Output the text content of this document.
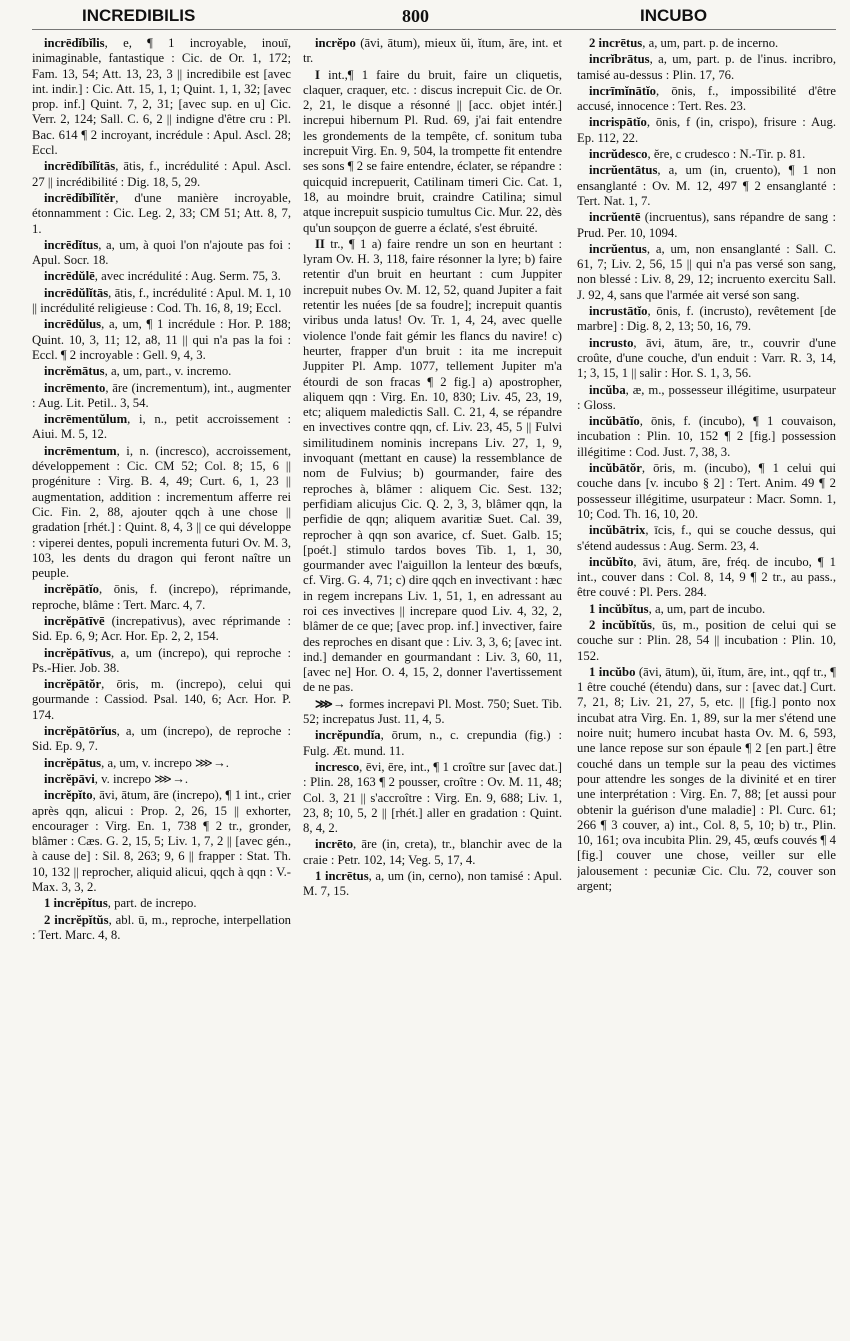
INCREDIBILIS	800	INCUBO

incrēdĭbĭlis, e, ¶ 1 incroyable, inouï, inimaginable, fantastique : Cic. de Or. 1, 172; Fam. 13, 54; Att. 13, 23, 3 || incredibile est [avec int. indir.] : Cic. Att. 15, 1, 1; Quint. 1, 1, 32; [avec prop. inf.] Quint. 7, 2, 31; [avec sup. en u] Cic. Verr. 2, 124; Sall. C. 6, 2 || indigne d'être cru : Pl. Bac. 614 ¶ 2 incroyant, incrédule : Apul. Ascl. 28; Eccl.

incrēdĭbĭlĭtās, ātis, f., incrédulité : Apul. Ascl. 27 || incrédibilité : Dig. 18, 5, 29.

incrēdĭbĭlĭtĕr, d'une manière incroyable, étonnamment : Cic. Leg. 2, 33; CM 51; Att. 8, 7, 1.

incrēdĭtus, a, um, à quoi l'on n'ajoute pas foi : Apul. Socr. 18.

incrēdŭlē, avec incrédulité : Aug. Serm. 75, 3.

incrēdŭlĭtās, ātis, f., incrédulité : Apul. M. 1, 10 || incrédulité religieuse : Cod. Th. 16, 8, 19; Eccl.

incrēdŭlus, a, um, ¶ 1 incrédule : Hor. P. 188; Quint. 10, 3, 11; 12, a8, 11 || qui n'a pas la foi : Eccl. ¶ 2 incroyable : Gell. 9, 4, 3.

incrĕmātus, a, um, part., v. incremo.

incrēmento, āre (incrementum), int., augmenter : Aug. Lit. Petil.. 3, 54.

incrēmentŭlum, i, n., petit accroissement : Aiui. M. 5, 12.

incrēmentum, i, n. (incresco), accroissement, développement : Cic. CM 52; Col. 8; 15, 6 || progéniture : Virg. B. 4, 49; Curt. 6, 1, 23 || augmentation, addition : incrementum afferre rei Cic. Fin. 2, 88, ajouter qqch à une chose || gradation [rhét.] : Quint. 8, 4, 3 || ce qui développe : viperei dentes, populi incrementa futuri Ov. M. 3, 103, les dents du dragon qui feront naître un peuple.

incrĕpātĭo, ōnis, f. (increpo), réprimande, reproche, blâme : Tert. Marc. 4, 7.

incrĕpātīvē (increpativus), avec réprimande : Sid. Ep. 6, 9; Acr. Hor. Ep. 2, 2, 154.

incrĕpātīvus, a, um (increpo), qui reproche : Ps.-Hier. Job. 38.

incrĕpātŏr, ōris, m. (increpo), celui qui gourmande : Cassiod. Psal. 140, 6; Acr. Hor. P. 174.

incrĕpātōrĭus, a, um (increpo), de reproche : Sid. Ep. 9, 7.

incrĕpātus, a, um, v. increpo ⋙→.

incrĕpāvi, v. increpo ⋙→.

incrĕpĭto, āvi, ātum, āre (increpo), ¶ 1 int., crier après qqn, alicui : Prop. 2, 26, 15 || exhorter, encourager : Virg. En. 1, 738 ¶ 2 tr., gronder, blâmer : Cæs. G. 2, 15, 5; Liv. 1, 7, 2 || [avec gén., à cause de] : Sil. 8, 263; 9, 6 || frapper : Stat. Th. 10, 132 || reprocher, aliquid alicui, qqch à qqn : V.-Max. 3, 3, 2.

1 incrĕpĭtus, part. de increpo.

2 incrĕpĭtŭs, abl. ū, m., reproche, interpellation : Tert. Marc. 4, 8.

incrĕpo (āvi, ātum), mieux ŭi, ĭtum, āre, int. et tr.

I int.,¶ 1 faire du bruit, faire un cliquetis, claquer, craquer, etc. : discus increpuit Cic. de Or. 2, 21, le disque a résonné || [acc. objet intér.] increpui hibernum Pl. Rud. 69, j'ai fait entendre les grondements de la tempête, cf. sonitum tuba increpuit Virg. En. 9, 504, la trompette fit entendre ses sons ¶ 2 se faire entendre, éclater, se répandre : quicquid increpuerit, Catilinam timeri Cic. Cat. 1, 18, au moindre bruit, craindre Catilina; simul atque increpuit suspicio tumultus Cic. Mur. 22, dès qu'un soupçon de guerre a éclaté, s'est ébruité.

II tr., ¶ 1 a) faire rendre un son en heurtant : lyram Ov. H. 3, 118, faire résonner la lyre; b) faire retentir d'un bruit en heurtant : cum Juppiter increpuit nubes Ov. M. 12, 52, quand Jupiter a fait retentir les nuées [de sa foudre]; increpuit quantis viribus unda latus! Ov. Tr. 1, 4, 24, avec quelle violence l'onde fait gémir les flancs du navire! c) heurter, frapper d'un bruit : ita me increpuit Juppiter Pl. Amp. 1077, tellement Jupiter m'a étourdi de son fracas ¶ 2 fig.] a) apostropher, aliquem qqn : Virg. En. 10, 830; Liv. 45, 23, 19, etc; aliquem maledictis Sall. C. 21, 4, se répandre en invectives contre qqn, cf. Liv. 23, 45, 5 || Fulvi similitudinem nominis increpans Liv. 27, 1, 9, invoquant (mettant en cause) la ressemblance de nom de Fulvius; b) gourmander, faire des reproches à, blâmer : aliquem Cic. Sest. 132; perfidiam alicujus Cic. Q. 2, 3, 3, blâmer qqn, la perfidie de qqn; aliquem avaritiæ Suet. Cal. 39, reprocher à qqn son avarice, cf. Suet. Galb. 15; [poét.] stimulo tardos boves Tib. 1, 1, 30, gourmander avec l'aiguillon la lenteur des bœufs, cf. Virg. G. 4, 71; c) dire qqch en invectivant : hæc in regem increpans Liv. 1, 51, 1, en adressant au roi ces invectives || increpare quod Liv. 4, 32, 2, blâmer de ce que; [avec prop. inf.] invectiver, faire des reproches en disant que : Liv. 3, 3, 6; [avec int. ind.] demander en gourmandant : Liv. 3, 60, 11, [avec ne] Hor. O. 4, 15, 2, donner l'avertissement de ne pas.

⋙→ formes increpavi Pl. Most. 750; Suet. Tib. 52; increpatus Just. 11, 4, 5.

incrĕpundĭa, ōrum, n., c. crepundia (fig.) : Fulg. Æt. mund. 11.

incresco, ēvi, ēre, int., ¶ 1 croître sur [avec dat.] : Plin. 28, 163 ¶ 2 pousser, croître : Ov. M. 11, 48; Col. 3, 21 || s'accroître : Virg. En. 9, 688; Liv. 1, 23, 8; 10, 5, 2 || [rhét.] aller en gradation : Quint. 8, 4, 2.

incrēto, āre (in, creta), tr., blanchir avec de la craie : Petr. 102, 14; Veg. 5, 17, 4.

1 incrētus, a, um (in, cerno), non tamisé : Apul. M. 7, 15.

2 incrētus, a, um, part. p. de incerno.

incrĭbrātus, a, um, part. p. de l'inus. incribro, tamisé au-dessus : Plin. 17, 76.

incrīmĭnātĭo, ōnis, f., impossibilité d'être accusé, innocence : Tert. Res. 23.

incrispātĭo, ōnis, f (in, crispo), frisure : Aug. Ep. 112, 22.

incrŭdesco, ĕre, c crudesco : N.-Tir. p. 81.

incrŭentātus, a, um (in, cruento), ¶ 1 non ensanglanté : Ov. M. 12, 497 ¶ 2 ensanglanté : Tert. Nat. 1, 7.

incrŭentē (incruentus), sans répandre de sang : Prud. Per. 10, 1094.

incrŭentus, a, um, non ensanglanté : Sall. C. 61, 7; Liv. 2, 56, 15 || qui n'a pas versé son sang, non blessé : Liv. 8, 29, 12; incruento exercitu Sall. J. 92, 4, sans que l'armée ait versé son sang.

incrustātĭo, ōnis, f. (incrusto), revêtement [de marbre] : Dig. 8, 2, 13; 50, 16, 79.

incrusto, āvi, ātum, āre, tr., couvrir d'une croûte, d'une couche, d'un enduit : Varr. R. 3, 14, 1; 3, 15, 1 || salir : Hor. S. 1, 3, 56.

incŭba, æ, m., possesseur illégitime, usurpateur : Gloss.

incŭbātĭo, ōnis, f. (incubo), ¶ 1 couvaison, incubation : Plin. 10, 152 ¶ 2 [fig.] possession illégitime : Cod. Just. 7, 38, 3.

incŭbātŏr, ōris, m. (incubo), ¶ 1 celui qui couche dans [v. incubo § 2] : Tert. Anim. 49 ¶ 2 possesseur illégitime, usurpateur : Macr. Somn. 1, 10; Cod. Th. 16, 10, 20.

incŭbātrix, īcis, f., qui se couche dessus, qui s'étend audessus : Aug. Serm. 23, 4.

incŭbĭto, āvi, ātum, āre, fréq. de incubo, ¶ 1 int., couver dans : Col. 8, 14, 9 ¶ 2 tr., au pass., être couvé : Pl. Pers. 284.

1 incŭbĭtus, a, um, part de incubo.

2 incŭbĭtŭs, ūs, m., position de celui qui se couche sur : Plin. 28, 54 || incubation : Plin. 10, 152.

1 incŭbo (āvi, ātum), ŭi, ĭtum, āre, int., qqf tr., ¶ 1 être couché (étendu) dans, sur : [avec dat.] Curt. 7, 21, 8; Liv. 21, 27, 5, etc. || [fig.] ponto nox incubat atra Virg. En. 1, 89, sur la mer s'étend une noire nuit; humero incubat hasta Ov. M. 6, 593, une lance repose sur son épaule ¶ 2 [en part.] être couché dans un temple sur la peau des victimes pour attendre les songes de la divinité et en tirer une interprétation : Virg. En. 7, 88; [et aussi pour obtenir la guérison d'une maladie] : Pl. Curc. 61; 266 ¶ 3 couver, a) int., Col. 8, 5, 10; b) tr., Plin. 10, 161; ova incubita Plin. 29, 45, œufs couvés ¶ 4 [fig.] couver une chose, veiller sur elle jalousement : pecuniæ Cic. Clu. 72, couver son argent;
